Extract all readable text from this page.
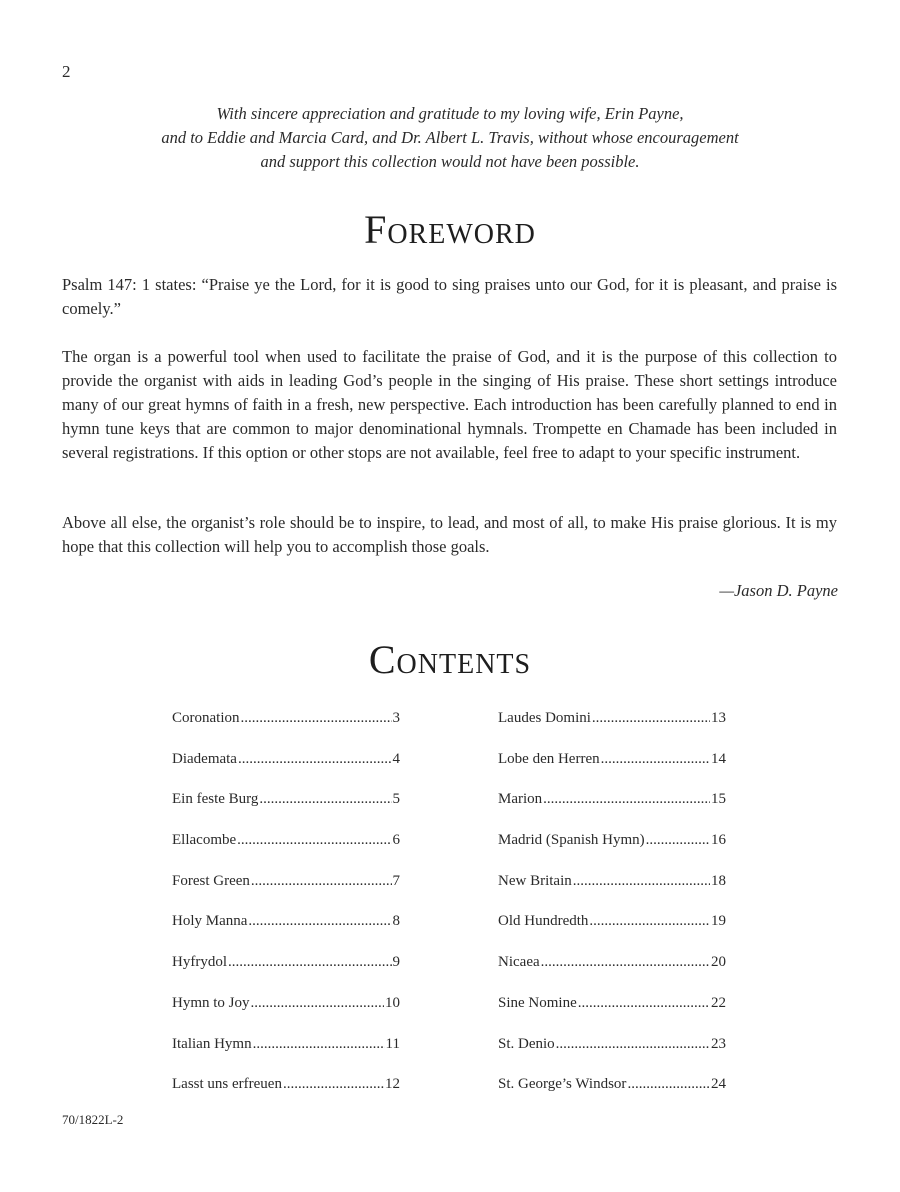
2
With sincere appreciation and gratitude to my loving wife, Erin Payne,
and to Eddie and Marcia Card, and Dr. Albert L. Travis, without whose encouragement
and support this collection would not have been possible.
Foreword
Psalm 147: 1 states: “Praise ye the Lord, for it is good to sing praises unto our God, for it is pleasant, and praise is comely.”
The organ is a powerful tool when used to facilitate the praise of God, and it is the purpose of this collection to provide the organist with aids in leading God’s people in the singing of His praise. These short settings introduce many of our great hymns of faith in a fresh, new perspective. Each introduction has been carefully planned to end in hymn tune keys that are common to major denominational hymnals. Trompette en Chamade has been included in several registrations. If this option or other stops are not available, feel free to adapt to your specific instrument.
Above all else, the organist’s role should be to inspire, to lead, and most of all, to make His praise glorious. It is my hope that this collection will help you to accomplish those goals.
—Jason D. Payne
Contents
Coronation .....	3
Diademata .....	4
Ein feste Burg .....	5
Ellacombe .....	6
Forest Green .....	7
Holy Manna .....	8
Hyfrydol .....	9
Hymn to Joy .....	10
Italian Hymn .....	11
Lasst uns erfreuen .....	12
Laudes Domini .....	13
Lobe den Herren .....	14
Marion .....	15
Madrid (Spanish Hymn) .....	16
New Britain .....	18
Old Hundredth .....	19
Nicaea .....	20
Sine Nomine .....	22
St. Denio .....	23
St. George’s Windsor .....	24
70/1822L-2
